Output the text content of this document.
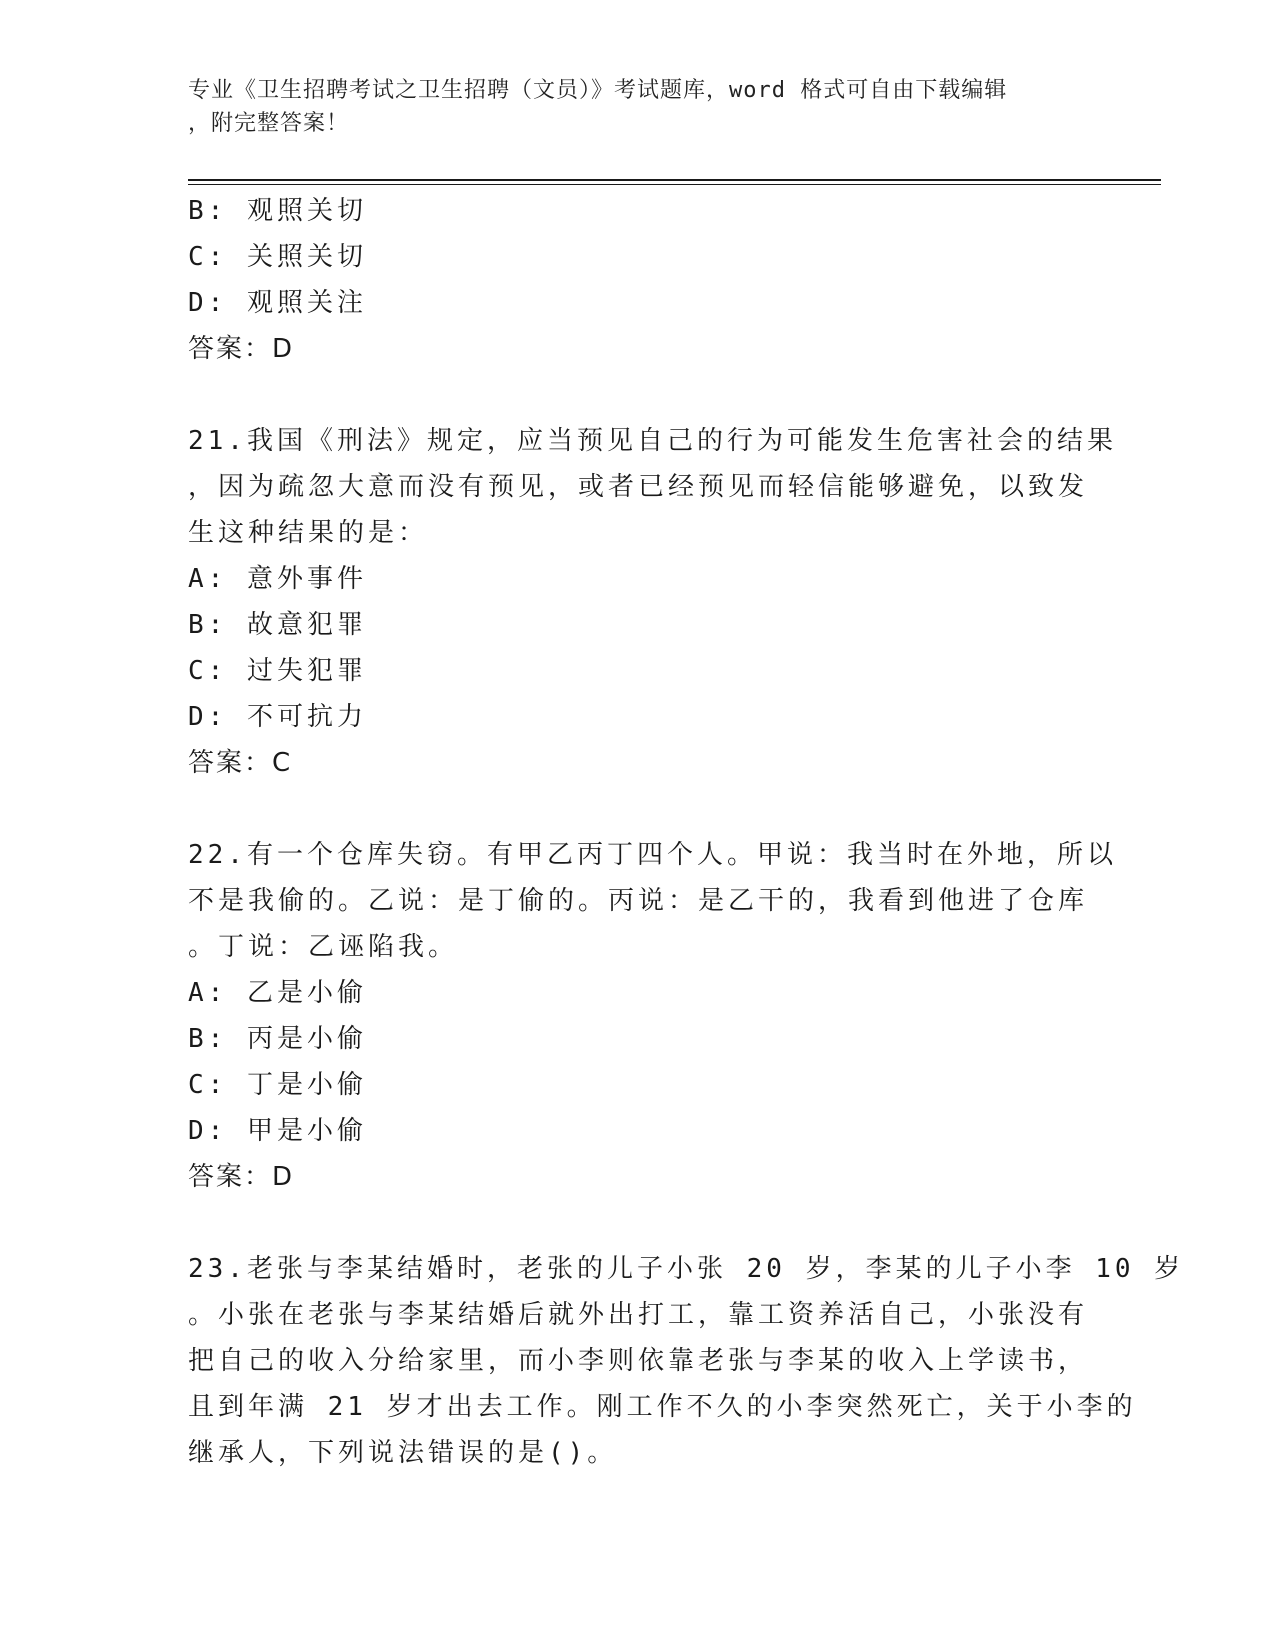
专业《卫生招聘考试之卫生招聘（文员）》考试题库，word 格式可自由下载编辑
，附完整答案！
B: 观照关切
C: 关照关切
D: 观照关注
答案：D
21.我国《刑法》规定，应当预见自己的行为可能发生危害社会的结果
，因为疏忽大意而没有预见，或者已经预见而轻信能够避免，以致发
生这种结果的是：
A: 意外事件
B: 故意犯罪
C: 过失犯罪
D: 不可抗力
答案：C
22.有一个仓库失窃。有甲乙丙丁四个人。甲说：我当时在外地，所以
不是我偷的。乙说：是丁偷的。丙说：是乙干的，我看到他进了仓库
。丁说：乙诬陷我。
A: 乙是小偷
B: 丙是小偷
C: 丁是小偷
D: 甲是小偷
答案：D
23.老张与李某结婚时，老张的儿子小张 20 岁，李某的儿子小李 10 岁
。小张在老张与李某结婚后就外出打工，靠工资养活自己，小张没有
把自己的收入分给家里，而小李则依靠老张与李某的收入上学读书，
且到年满 21 岁才出去工作。刚工作不久的小李突然死亡，关于小李的
继承人，下列说法错误的是()。
